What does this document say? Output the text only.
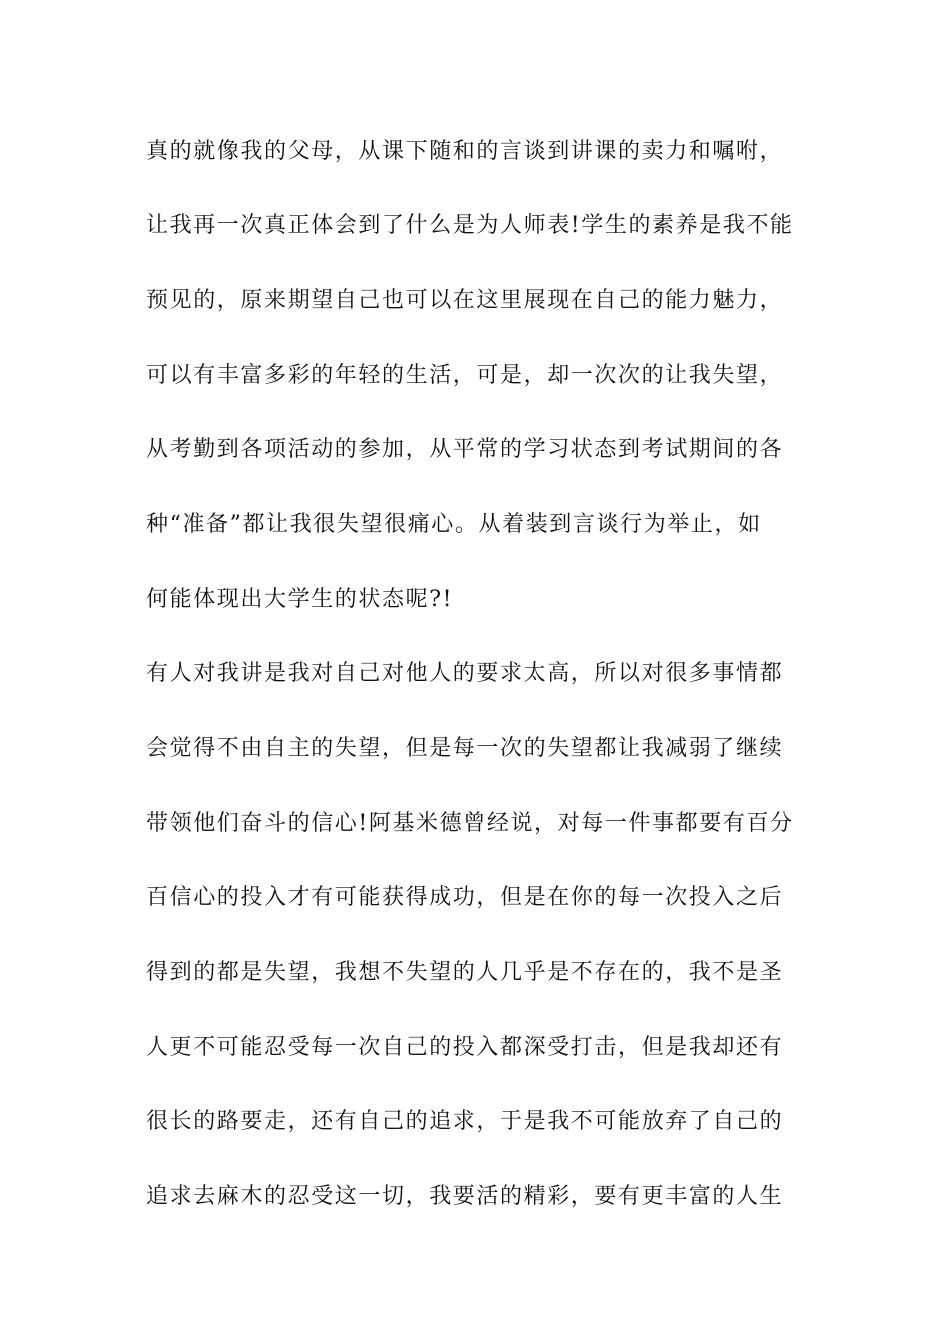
真的就像我的父母，从课下随和的言谈到讲课的卖力和嘱咐，
让我再一次真正体会到了什么是为人师表!学生的素养是我不能
预见的，原来期望自己也可以在这里展现在自己的能力魅力，
可以有丰富多彩的年轻的生活，可是，却一次次的让我失望，
从考勤到各项活动的参加，从平常的学习状态到考试期间的各
种“准备”都让我很失望很痛心。从着装到言谈行为举止，如
何能体现出大学生的状态呢?!
有人对我讲是我对自己对他人的要求太高，所以对很多事情都
会觉得不由自主的失望，但是每一次的失望都让我减弱了继续
带领他们奋斗的信心!阿基米德曾经说，对每一件事都要有百分
百信心的投入才有可能获得成功，但是在你的每一次投入之后
得到的都是失望，我想不失望的人几乎是不存在的，我不是圣
人更不可能忍受每一次自己的投入都深受打击，但是我却还有
很长的路要走，还有自己的追求，于是我不可能放弃了自己的
追求去麻木的忍受这一切，我要活的精彩，要有更丰富的人生
